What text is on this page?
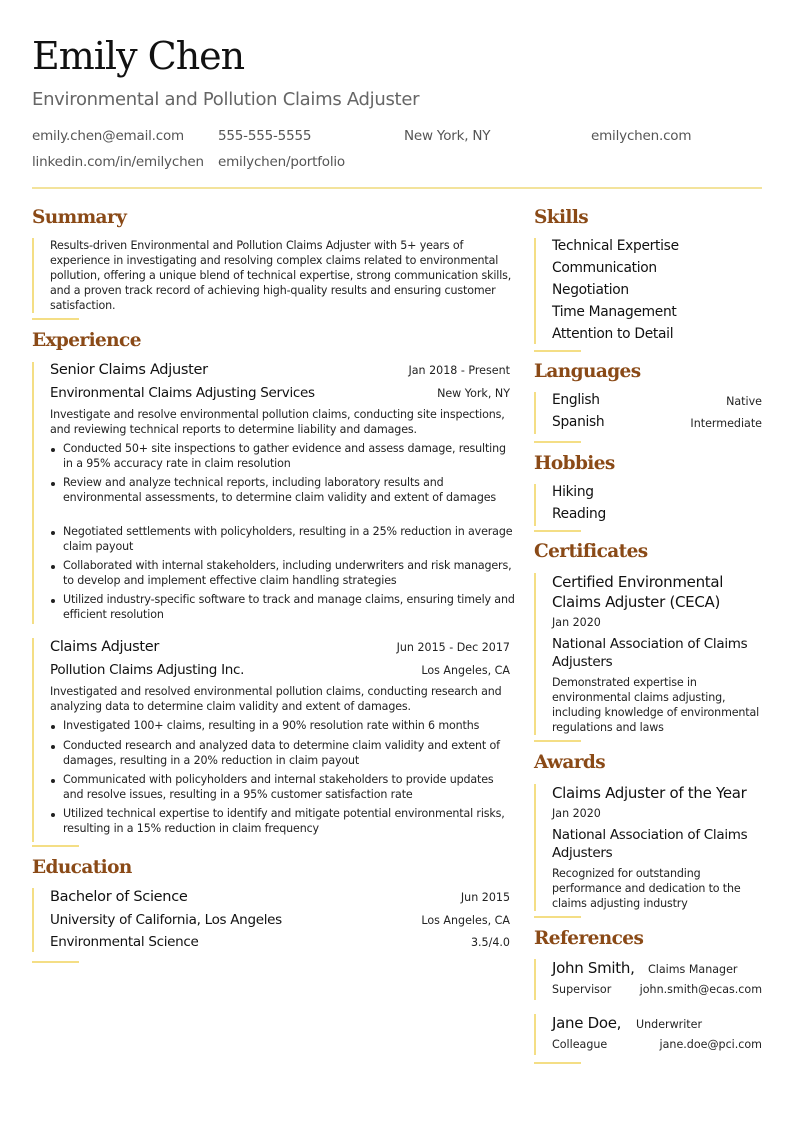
Emily Chen
Environmental and Pollution Claims Adjuster
emily.chen@email.com	555-555-5555	New York, NY	emilychen.com
linkedin.com/in/emilychen emilychen/portfolio
Summary
Results-driven Environmental and Pollution Claims Adjuster with 5+ years of experience in investigating and resolving complex claims related to environmental pollution, offering a unique blend of technical expertise, strong communication skills, and a proven track record of achieving high-quality results and ensuring customer satisfaction.
Experience
Senior Claims Adjuster	Jan 2018 - Present
Environmental Claims Adjusting Services	New York, NY
Investigate and resolve environmental pollution claims, conducting site inspections, and reviewing technical reports to determine liability and damages.
Conducted 50+ site inspections to gather evidence and assess damage, resulting in a 95% accuracy rate in claim resolution
Review and analyze technical reports, including laboratory results and environmental assessments, to determine claim validity and extent of damages
Negotiated settlements with policyholders, resulting in a 25% reduction in average claim payout
Collaborated with internal stakeholders, including underwriters and risk managers, to develop and implement effective claim handling strategies
Utilized industry-specific software to track and manage claims, ensuring timely and efficient resolution
Claims Adjuster	Jun 2015 - Dec 2017
Pollution Claims Adjusting Inc.	Los Angeles, CA
Investigated and resolved environmental pollution claims, conducting research and analyzing data to determine claim validity and extent of damages.
Investigated 100+ claims, resulting in a 90% resolution rate within 6 months
Conducted research and analyzed data to determine claim validity and extent of damages, resulting in a 20% reduction in claim payout
Communicated with policyholders and internal stakeholders to provide updates and resolve issues, resulting in a 95% customer satisfaction rate
Utilized technical expertise to identify and mitigate potential environmental risks, resulting in a 15% reduction in claim frequency
Education
Bachelor of Science	Jun 2015
University of California, Los Angeles	Los Angeles, CA
Environmental Science	3.5/4.0
Skills
Technical Expertise
Communication
Negotiation
Time Management
Attention to Detail
Languages
English	Native
Spanish	Intermediate
Hobbies
Hiking
Reading
Certificates
Certified Environmental Claims Adjuster (CECA)
Jan 2020
National Association of Claims Adjusters
Demonstrated expertise in environmental claims adjusting, including knowledge of environmental regulations and laws
Awards
Claims Adjuster of the Year
Jan 2020
National Association of Claims Adjusters
Recognized for outstanding performance and dedication to the claims adjusting industry
References
John Smith, Claims Manager
Supervisor	john.smith@ecas.com
Jane Doe, Underwriter
Colleague	jane.doe@pci.com
